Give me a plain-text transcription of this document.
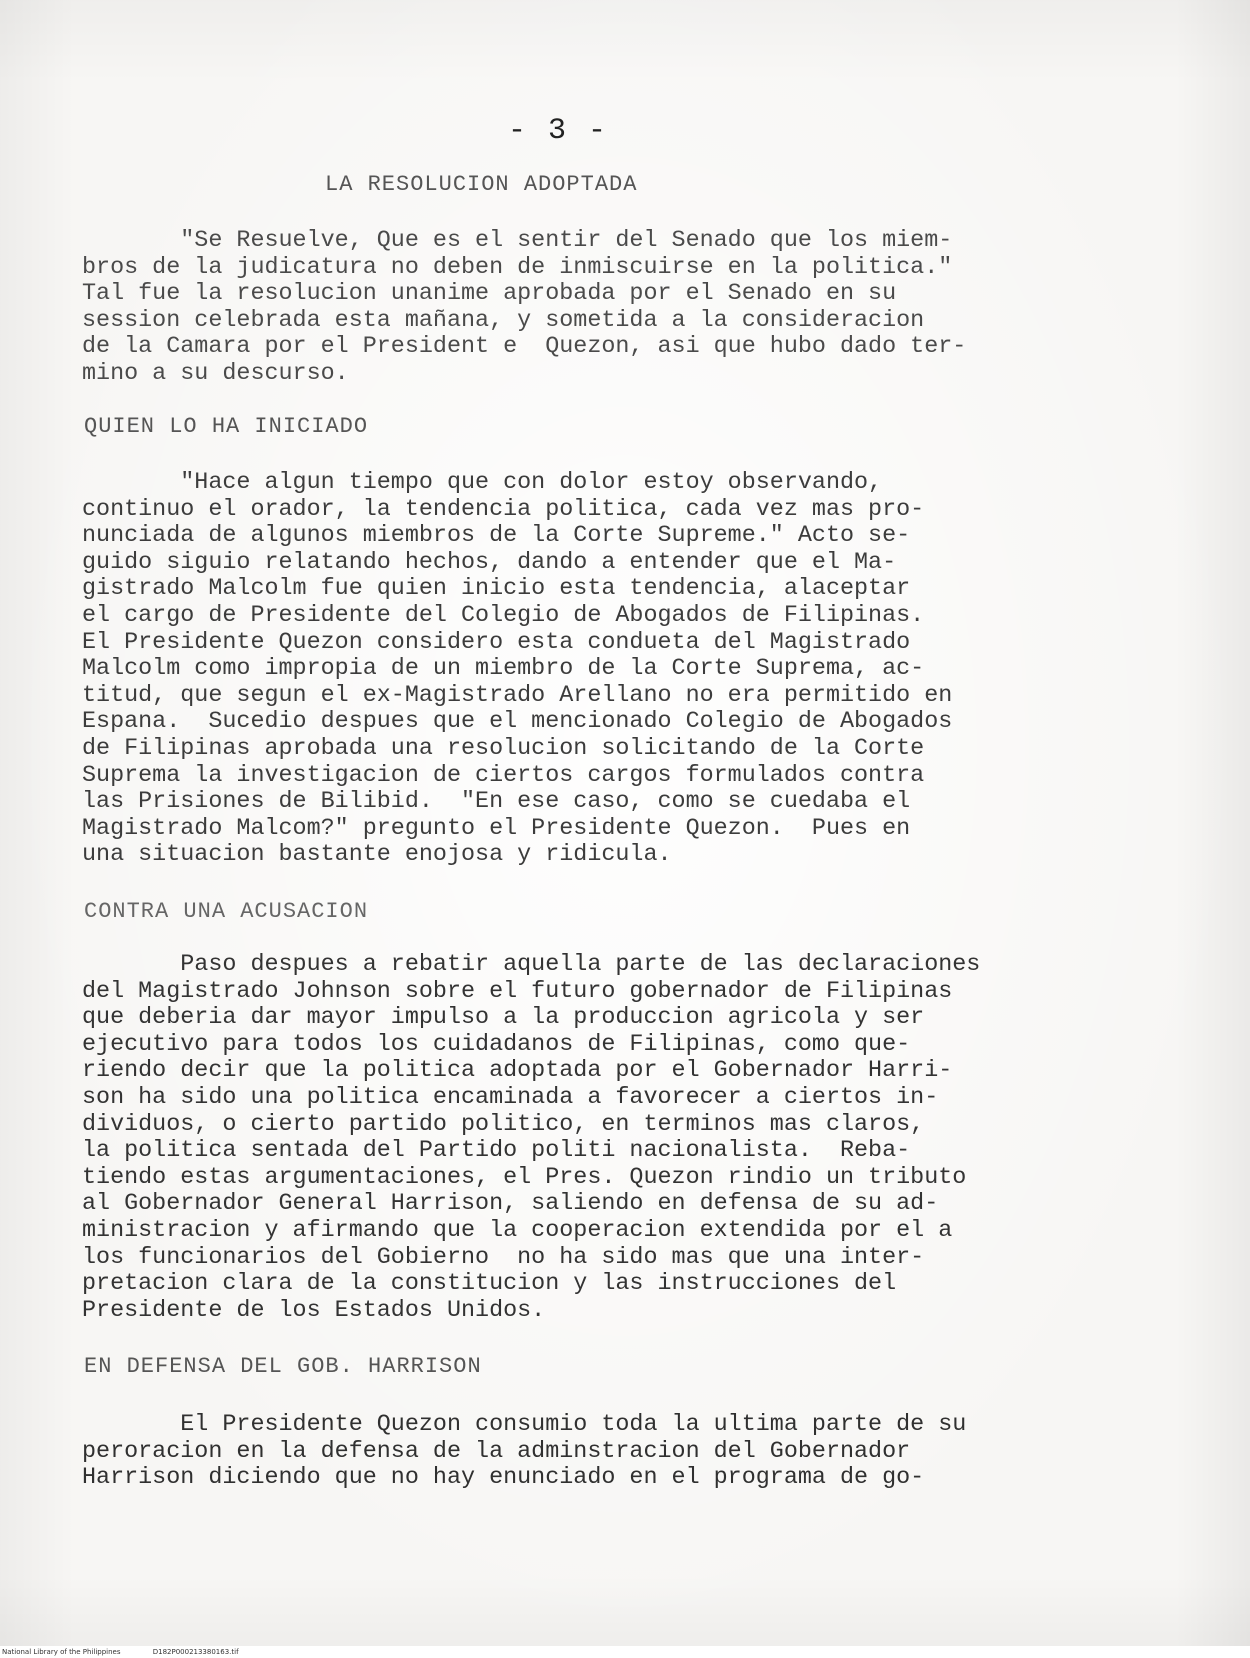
- 3 -
LA RESOLUCION ADOPTADA
"Se Resuelve, Que es el sentir del Senado que los miem-
bros de la judicatura no deben de inmiscuirse en la politica."
Tal fue la resolucion unanime aprobada por el Senado en su
session celebrada esta mañana, y sometida a la consideracion
de la Camara por el President e  Quezon, asi que hubo dado ter-
mino a su descurso.
QUIEN LO HA INICIADO
"Hace algun tiempo que con dolor estoy observando,
continuo el orador, la tendencia politica, cada vez mas pro-
nunciada de algunos miembros de la Corte Supreme." Acto se-
guido siguio relatando hechos, dando a entender que el Ma-
gistrado Malcolm fue quien inicio esta tendencia, alaceptar
el cargo de Presidente del Colegio de Abogados de Filipinas.
El Presidente Quezon considero esta condueta del Magistrado
Malcolm como impropia de un miembro de la Corte Suprema, ac-
titud, que segun el ex-Magistrado Arellano no era permitido en
Espana.  Sucedio despues que el mencionado Colegio de Abogados
de Filipinas aprobada una resolucion solicitando de la Corte
Suprema la investigacion de ciertos cargos formulados contra
las Prisiones de Bilibid.  "En ese caso, como se cuedaba el
Magistrado Malcom?" pregunto el Presidente Quezon.  Pues en
una situacion bastante enojosa y ridicula.
CONTRA UNA ACUSACION
Paso despues a rebatir aquella parte de las declaraciones
del Magistrado Johnson sobre el futuro gobernador de Filipinas
que deberia dar mayor impulso a la produccion agricola y ser
ejecutivo para todos los cuidadanos de Filipinas, como que-
riendo decir que la politica adoptada por el Gobernador Harri-
son ha sido una politica encaminada a favorecer a ciertos in-
dividuos, o cierto partido politico, en terminos mas claros,
la politica sentada del Partido politi nacionalista.  Reba-
tiendo estas argumentaciones, el Pres. Quezon rindio un tributo
al Gobernador General Harrison, saliendo en defensa de su ad-
ministracion y afirmando que la cooperacion extendida por el a
los funcionarios del Gobierno  no ha sido mas que una inter-
pretacion clara de la constitucion y las instrucciones del
Presidente de los Estados Unidos.
EN DEFENSA DEL GOB. HARRISON
El Presidente Quezon consumio toda la ultima parte de su
peroracion en la defensa de la adminstracion del Gobernador
Harrison diciendo que no hay enunciado en el programa de go-
National Library of the Philippines	D182P000213380163.tif
